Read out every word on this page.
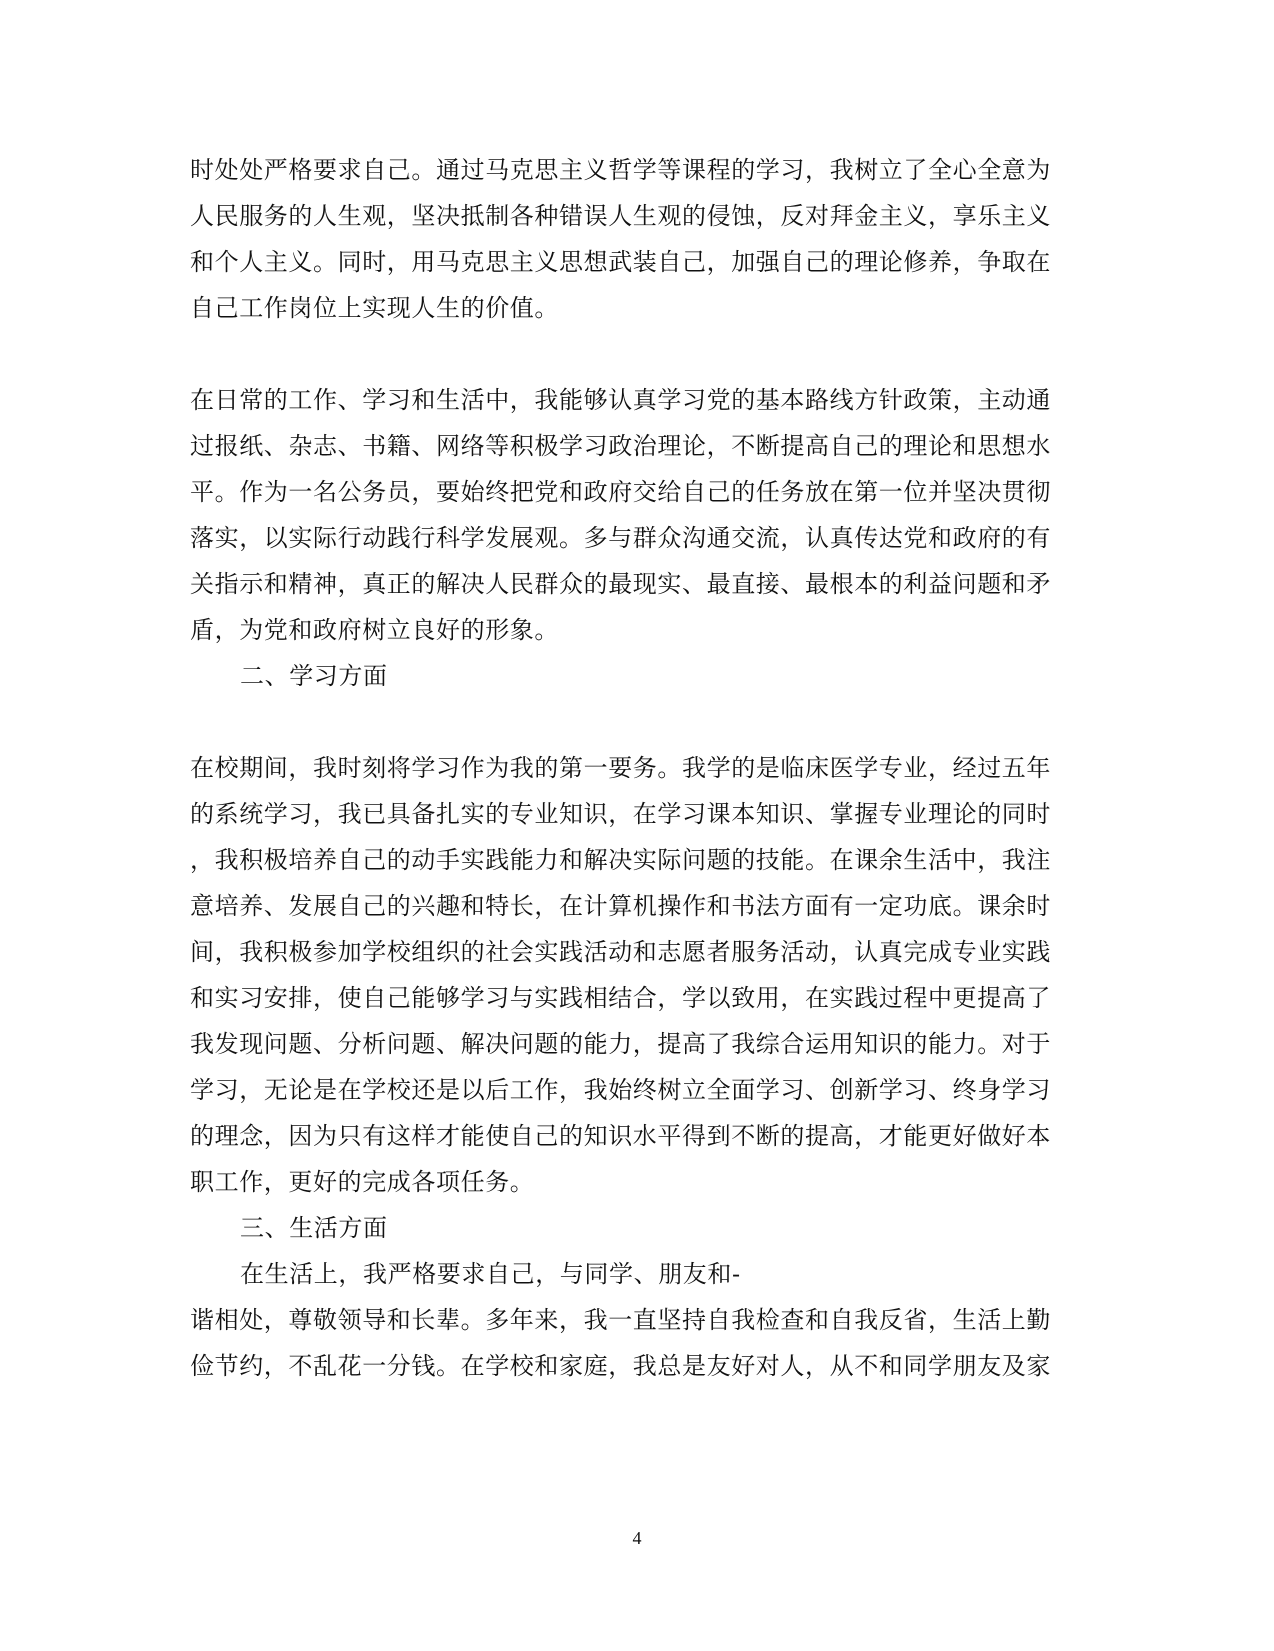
时处处严格要求自己。通过马克思主义哲学等课程的学习，我树立了全心全意为
人民服务的人生观，坚决抵制各种错误人生观的侵蚀，反对拜金主义，享乐主义
和个人主义。同时，用马克思主义思想武装自己，加强自己的理论修养，争取在
自己工作岗位上实现人生的价值。
在日常的工作、学习和生活中，我能够认真学习党的基本路线方针政策，主动通
过报纸、杂志、书籍、网络等积极学习政治理论，不断提高自己的理论和思想水
平。作为一名公务员，要始终把党和政府交给自己的任务放在第一位并坚决贯彻
落实，以实际行动践行科学发展观。多与群众沟通交流，认真传达党和政府的有
关指示和精神，真正的解决人民群众的最现实、最直接、最根本的利益问题和矛
盾，为党和政府树立良好的形象。
二、学习方面
在校期间，我时刻将学习作为我的第一要务。我学的是临床医学专业，经过五年
的系统学习，我已具备扎实的专业知识，在学习课本知识、掌握专业理论的同时
，我积极培养自己的动手实践能力和解决实际问题的技能。在课余生活中，我注
意培养、发展自己的兴趣和特长，在计算机操作和书法方面有一定功底。课余时
间，我积极参加学校组织的社会实践活动和志愿者服务活动，认真完成专业实践
和实习安排，使自己能够学习与实践相结合，学以致用，在实践过程中更提高了
我发现问题、分析问题、解决问题的能力，提高了我综合运用知识的能力。对于
学习，无论是在学校还是以后工作，我始终树立全面学习、创新学习、终身学习
的理念，因为只有这样才能使自己的知识水平得到不断的提高，才能更好做好本
职工作，更好的完成各项任务。
三、生活方面
在生活上，我严格要求自己，与同学、朋友和-
谐相处，尊敬领导和长辈。多年来，我一直坚持自我检查和自我反省，生活上勤
俭节约，不乱花一分钱。在学校和家庭，我总是友好对人，从不和同学朋友及家
4
